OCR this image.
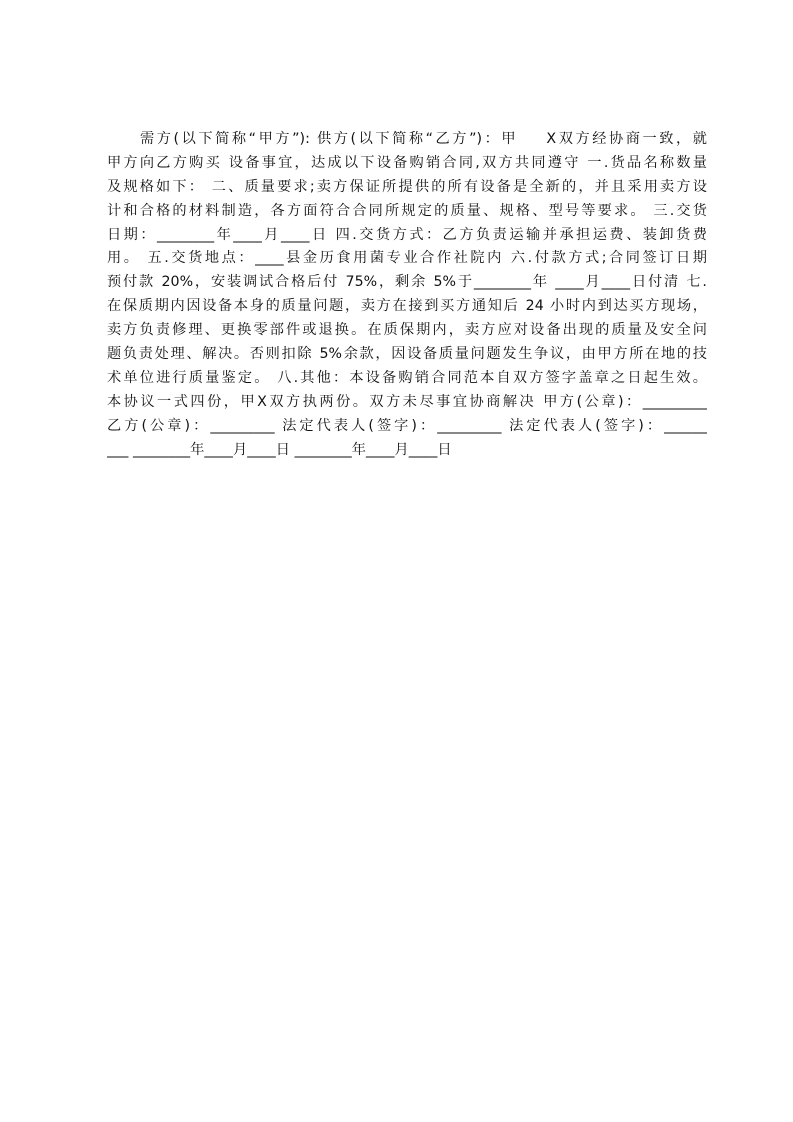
需方(以下简称“甲方”): 供方(以下简称“乙方”)：甲    X双方经协商一致，就
甲方向乙方购买 设备事宜，达成以下设备购销合同,双方共同遵守 一.货品名称数量
及规格如下： 二、质量要求;卖方保证所提供的所有设备是全新的，并且采用卖方设
计和合格的材料制造，各方面符合合同所规定的质量、规格、型号等要求。 三.交货
日期：________年____月____日 四.交货方式：乙方负责运输并承担运费、装卸货费
用。 五.交货地点：____县金历食用菌专业合作社院内 六.付款方式;合同签订日期
预付款 20%，安装调试合格后付 75%，剩余 5%于________年 ____月____日付清 七.
在保质期内因设备本身的质量问题，卖方在接到买方通知后 24 小时内到达买方现场，
卖方负责修理、更换零部件或退换。在质保期内，卖方应对设备出现的质量及安全问
题负责处理、解决。否则扣除 5%余款，因设备质量问题发生争议，由甲方所在地的技
术单位进行质量鉴定。 八.其他：本设备购销合同范本自双方签字盖章之日起生效。
本协议一式四份，甲X双方执两份。双方未尽事宜协商解决 甲方(公章)：_________
乙方(公章)：_________ 法定代表人(签字)：_________ 法定代表人(签字)：______
___ ________年____月____日 ________年____月____日
